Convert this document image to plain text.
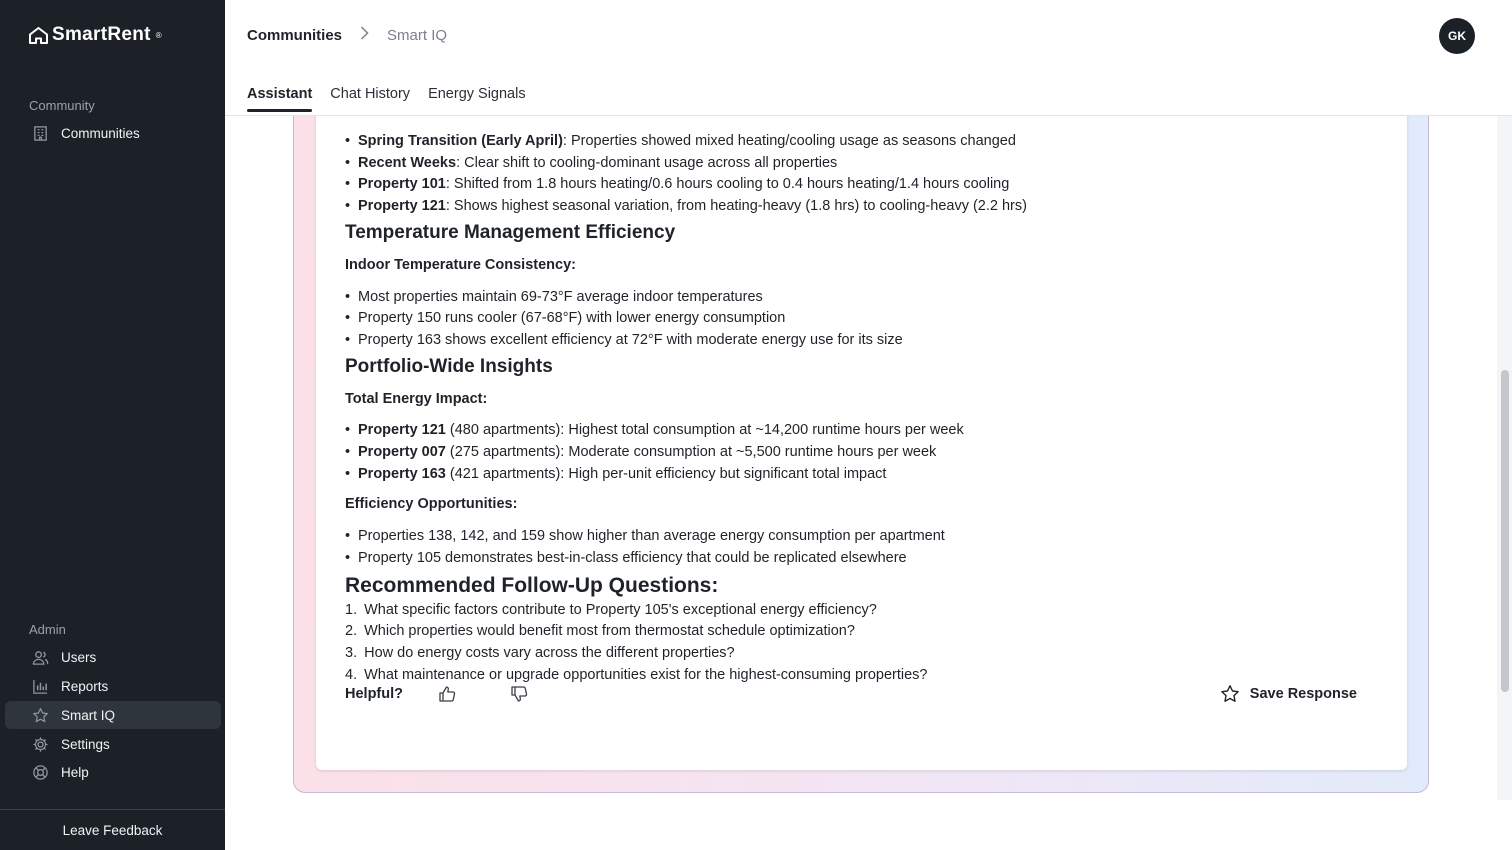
SmartRent ®
Community
Communities
Admin
Users
Reports
Smart IQ
Settings
Help
Leave Feedback
Communities	Smart IQ	GK
Assistant Chat History Energy Signals
• Spring Transition (Early April): Properties showed mixed heating/cooling usage as seasons changed
• Recent Weeks: Clear shift to cooling-dominant usage across all properties
• Property 101: Shifted from 1.8 hours heating/0.6 hours cooling to 0.4 hours heating/1.4 hours cooling
• Property 121: Shows highest seasonal variation, from heating-heavy (1.8 hrs) to cooling-heavy (2.2 hrs)
Temperature Management Efficiency
Indoor Temperature Consistency:
• Most properties maintain 69-73°F average indoor temperatures
• Property 150 runs cooler (67-68°F) with lower energy consumption
• Property 163 shows excellent efficiency at 72°F with moderate energy use for its size
Portfolio-Wide Insights
Total Energy Impact:
• Property 121 (480 apartments): Highest total consumption at ~14,200 runtime hours per week
• Property 007 (275 apartments): Moderate consumption at ~5,500 runtime hours per week
• Property 163 (421 apartments): High per-unit efficiency but significant total impact
Efficiency Opportunities:
• Properties 138, 142, and 159 show higher than average energy consumption per apartment
• Property 105 demonstrates best-in-class efficiency that could be replicated elsewhere
Recommended Follow-Up Questions:
1. What specific factors contribute to Property 105's exceptional energy efficiency?
2. Which properties would benefit most from thermostat schedule optimization?
3. How do energy costs vary across the different properties?
4. What maintenance or upgrade opportunities exist for the highest-consuming properties?
Helpful?	Save Response
